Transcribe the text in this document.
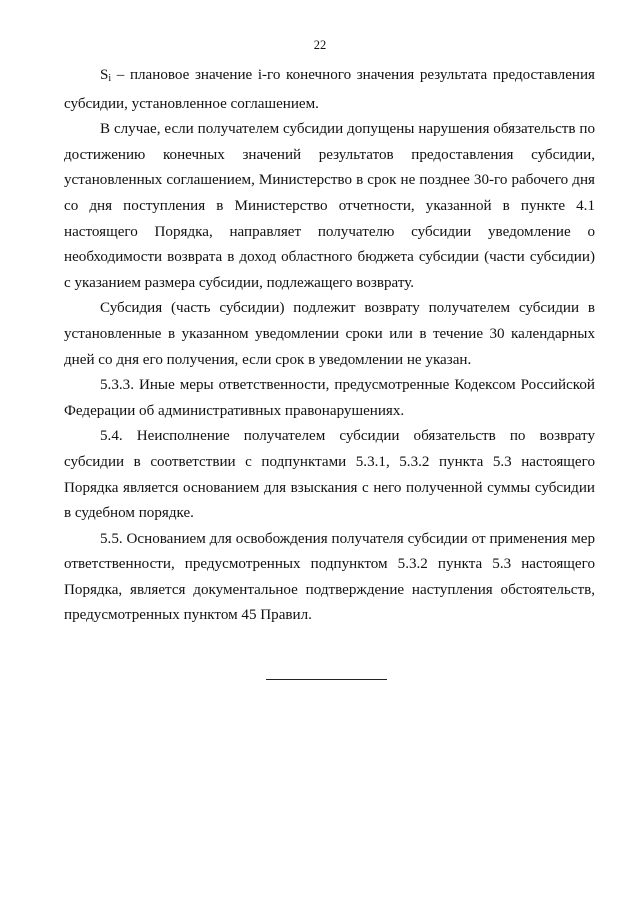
22

Si – плановое значение i-го конечного значения результата предоставления субсидии, установленное соглашением.

В случае, если получателем субсидии допущены нарушения обязательств по достижению конечных значений результатов предоставления субсидии, установленных соглашением, Министерство в срок не позднее 30-го рабочего дня со дня поступления в Министерство отчетности, указанной в пункте 4.1 настоящего Порядка, направляет получателю субсидии уведомление о необходимости возврата в доход областного бюджета субсидии (части субсидии) с указанием размера субсидии, подлежащего возврату.

Субсидия (часть субсидии) подлежит возврату получателем субсидии в установленные в указанном уведомлении сроки или в течение 30 календарных дней со дня его получения, если срок в уведомлении не указан.

5.3.3. Иные меры ответственности, предусмотренные Кодексом Российской Федерации об административных правонарушениях.

5.4. Неисполнение получателем субсидии обязательств по возврату субсидии в соответствии с подпунктами 5.3.1, 5.3.2 пункта 5.3 настоящего Порядка является основанием для взыскания с него полученной суммы субсидии в судебном порядке.

5.5. Основанием для освобождения получателя субсидии от применения мер ответственности, предусмотренных подпунктом 5.3.2 пункта 5.3 настоящего Порядка, является документальное подтверждение наступления обстоятельств, предусмотренных пунктом 45 Правил.
